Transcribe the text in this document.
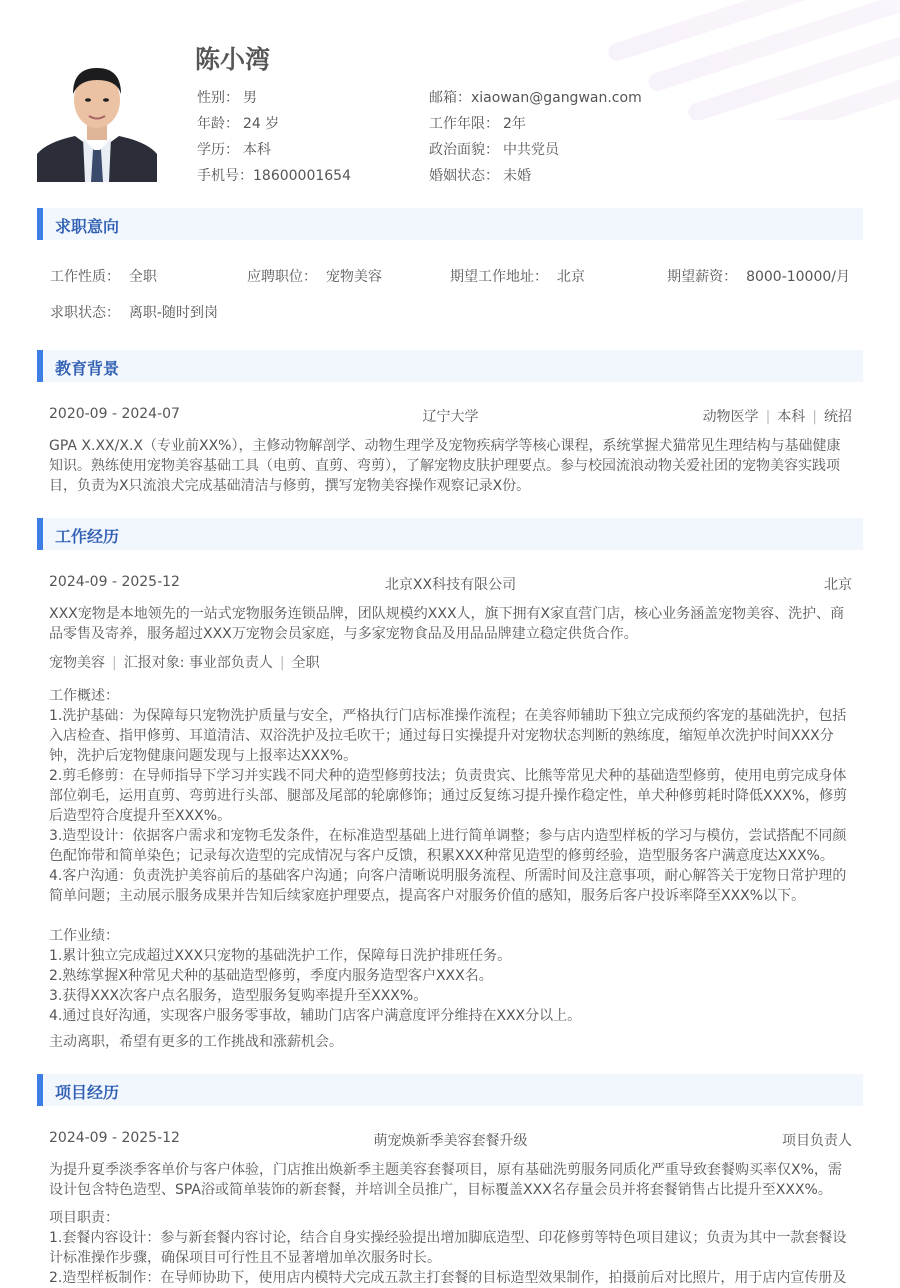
陈小湾
性别： 男
年龄： 24 岁
学历： 本科
手机号：18600001654
邮箱：xiaowan@gangwan.com
工作年限： 2年
政治面貌： 中共党员
婚姻状态： 未婚
求职意向
工作性质： 全职	应聘职位： 宠物美容	期望工作地址： 北京	期望薪资： 8000-10000/月
求职状态： 离职-随时到岗
教育背景
2020-09 - 2024-07	辽宁大学	动物医学 | 本科 | 统招
GPA X.XX/X.X（专业前XX%），主修动物解剖学、动物生理学及宠物疾病学等核心课程，系统掌握犬猫常见生理结构与基础健康
知识。熟练使用宠物美容基础工具（电剪、直剪、弯剪），了解宠物皮肤护理要点。参与校园流浪动物关爱社团的宠物美容实践项
目，负责为X只流浪犬完成基础清洁与修剪，撰写宠物美容操作观察记录X份。
工作经历
2024-09 - 2025-12	北京XX科技有限公司	北京
XXX宠物是本地领先的一站式宠物服务连锁品牌，团队规模约XXX人，旗下拥有X家直营门店，核心业务涵盖宠物美容、洗护、商
品零售及寄养，服务超过XXX万宠物会员家庭，与多家宠物食品及用品品牌建立稳定供货合作。
宠物美容 | 汇报对象: 事业部负责人 | 全职
工作概述：
1.洗护基础：为保障每只宠物洗护质量与安全，严格执行门店标准操作流程；在美容师辅助下独立完成预约客宠的基础洗护，包括
入店检查、指甲修剪、耳道清洁、双浴洗护及拉毛吹干；通过每日实操提升对宠物状态判断的熟练度，缩短单次洗护时间XXX分
钟，洗护后宠物健康问题发现与上报率达XXX%。
2.剪毛修剪：在导师指导下学习并实践不同犬种的造型修剪技法；负责贵宾、比熊等常见犬种的基础造型修剪，使用电剪完成身体
部位剃毛，运用直剪、弯剪进行头部、腿部及尾部的轮廓修饰；通过反复练习提升操作稳定性，单犬种修剪耗时降低XXX%，修剪
后造型符合度提升至XXX%。
3.造型设计：依据客户需求和宠物毛发条件，在标准造型基础上进行简单调整；参与店内造型样板的学习与模仿，尝试搭配不同颜
色配饰带和简单染色；记录每次造型的完成情况与客户反馈，积累XXX种常见造型的修剪经验，造型服务客户满意度达XXX%。
4.客户沟通：负责洗护美容前后的基础客户沟通；向客户清晰说明服务流程、所需时间及注意事项，耐心解答关于宠物日常护理的
简单问题；主动展示服务成果并告知后续家庭护理要点，提高客户对服务价值的感知，服务后客户投诉率降至XXX%以下。
工作业绩：
1.累计独立完成超过XXX只宠物的基础洗护工作，保障每日洗护排班任务。
2.熟练掌握X种常见犬种的基础造型修剪，季度内服务造型客户XXX名。
3.获得XXX次客户点名服务，造型服务复购率提升至XXX%。
4.通过良好沟通，实现客户服务零事故，辅助门店客户满意度评分维持在XXX分以上。
主动离职，希望有更多的工作挑战和涨薪机会。
项目经历
2024-09 - 2025-12	萌宠焕新季美容套餐升级	项目负责人
为提升夏季淡季客单价与客户体验，门店推出焕新季主题美容套餐项目，原有基础洗剪服务同质化严重导致套餐购买率仅X%，需
设计包含特色造型、SPA浴或简单装饰的新套餐，并培训全员推广，目标覆盖XXX名存量会员并将套餐销售占比提升至XXX%。
项目职责：
1.套餐内容设计：参与新套餐内容讨论，结合自身实操经验提出增加脚底造型、印花修剪等特色项目建议；负责为其中一款套餐设
计标准操作步骤，确保项目可行性且不显著增加单次服务时长。
2.造型样板制作：在导师协助下，使用店内模特犬完成五款主打套餐的目标造型效果制作，拍摄前后对比照片，用于店内宣传册及
